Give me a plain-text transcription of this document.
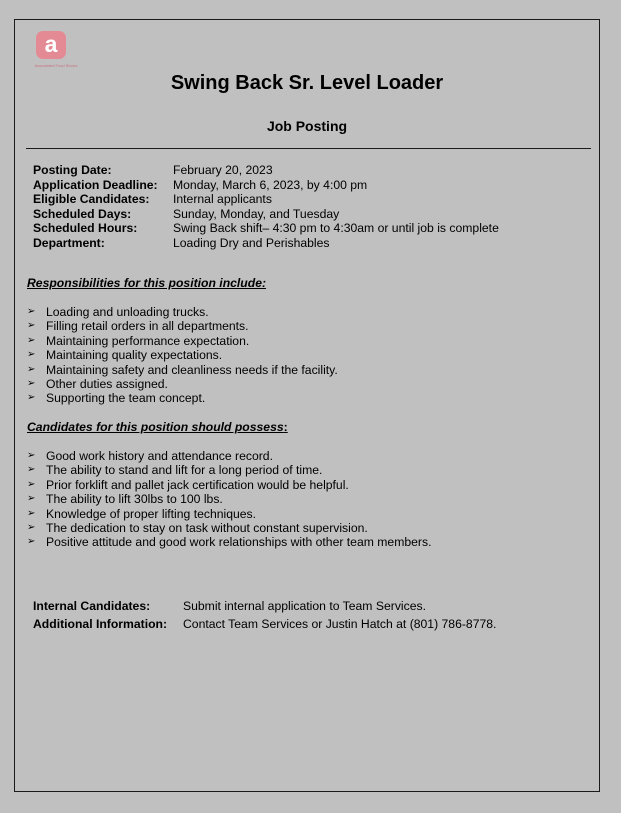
a
Associated Food Stores
Swing Back Sr. Level Loader
Job Posting
Posting Date:	February 20, 2023
Application Deadline:	Monday, March 6, 2023, by 4:00 pm
Eligible Candidates:	Internal applicants
Scheduled Days:	Sunday, Monday, and Tuesday
Scheduled Hours:	Swing Back shift– 4:30 pm to 4:30am or until job is complete
Department:	Loading Dry and Perishables
Responsibilities for this position include:
➢ Loading and unloading trucks.
➢ Filling retail orders in all departments.
➢ Maintaining performance expectation.
➢ Maintaining quality expectations.
➢ Maintaining safety and cleanliness needs if the facility.
➢ Other duties assigned.
➢ Supporting the team concept.
Candidates for this position should possess:
➢ Good work history and attendance record.
➢ The ability to stand and lift for a long period of time.
➢ Prior forklift and pallet jack certification would be helpful.
➢ The ability to lift 30lbs to 100 lbs.
➢ Knowledge of proper lifting techniques.
➢ The dedication to stay on task without constant supervision.
➢ Positive attitude and good work relationships with other team members.
Internal Candidates:	Submit internal application to Team Services.
Additional Information:	Contact Team Services or Justin Hatch at (801) 786-8778.
